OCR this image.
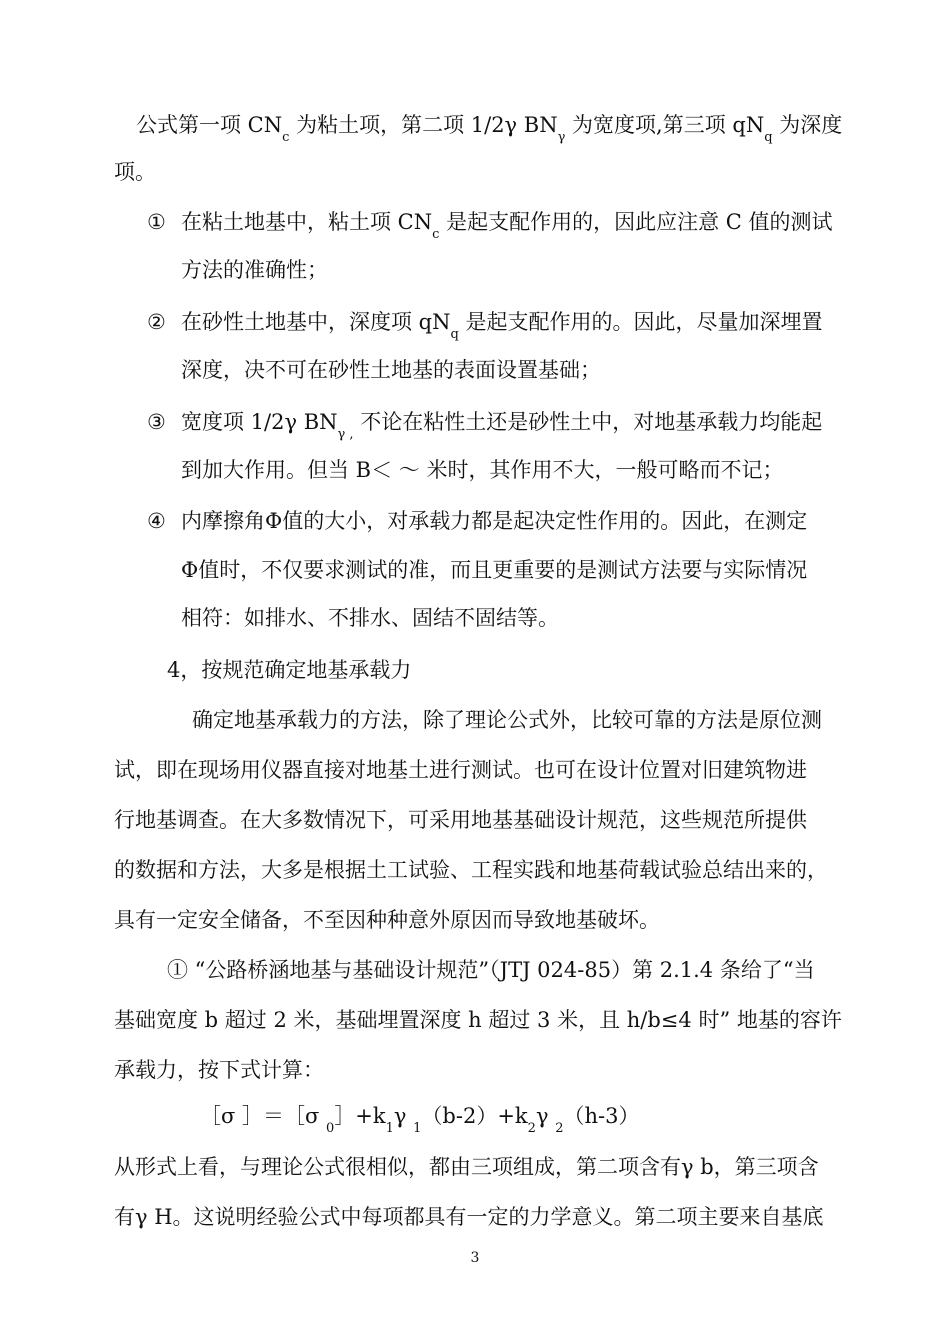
公式第一项 $CN_c$ 为粘土项，第二项 1/2γ $BN_\gamma$ 为宽度项,第三项 $qN_q$ 为深度
项。
① 在粘土地基中，粘土项 $CN_c$ 是起支配作用的，因此应注意 C 值的测试
方法的准确性；
② 在砂性土地基中，深度项 $qN_q$ 是起支配作用的。因此，尽量加深埋置
深度，决不可在砂性土地基的表面设置基础；
③ 宽度项 1/2γ $BN_{\gamma ,}$ 不论在粘性土还是砂性土中，对地基承载力均能起
到加大作用。但当 B＜ ～ 米时，其作用不大，一般可略而不记；
④ 内摩擦角Φ值的大小，对承载力都是起决定性作用的。因此，在测定
Φ值时，不仅要求测试的准，而且更重要的是测试方法要与实际情况
相符：如排水、不排水、固结不固结等。
4，按规范确定地基承载力
确定地基承载力的方法，除了理论公式外，比较可靠的方法是原位测
试，即在现场用仪器直接对地基土进行测试。也可在设计位置对旧建筑物进
行地基调查。在大多数情况下，可采用地基基础设计规范，这些规范所提供
的数据和方法，大多是根据土工试验、工程实践和地基荷载试验总结出来的，
具有一定安全储备，不至因种种意外原因而导致地基破坏。
① “公路桥涵地基与基础设计规范”（JTJ 024-85）第 2.1.4 条给了“当
基础宽度 b 超过 2 米，基础埋置深度 h 超过 3 米，且 h/b≤4 时” 地基的容许
承载力，按下式计算：
［σ ］＝［σ $_0]+k_1\gamma$ $_1(b-2)+k_2\gamma$ $_2$（h-3）
从形式上看，与理论公式很相似，都由三项组成，第二项含有γ b，第三项含
有γ H。这说明经验公式中每项都具有一定的力学意义。第二项主要来自基底
3
